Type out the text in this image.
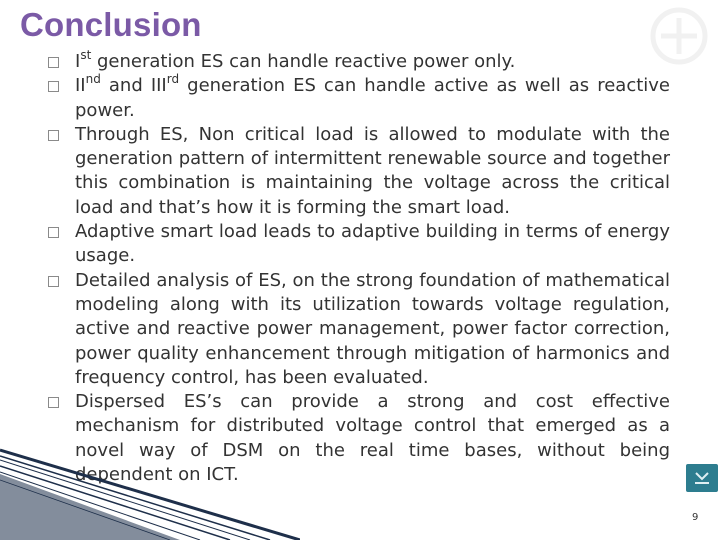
Conclusion
Ist generation ES can handle reactive power only.
IInd and IIIrd generation ES can handle active as well as reactive power.
Through ES, Non critical load is allowed to modulate with the generation pattern of intermittent renewable source and together this combination is maintaining the voltage across the critical load and that’s how it is forming the smart load.
Adaptive smart load leads to adaptive building in terms of energy usage.
Detailed analysis of ES, on the strong foundation of mathematical modeling along with its utilization towards voltage regulation, active and reactive power management, power factor correction, power quality enhancement through mitigation of harmonics and frequency control, has been evaluated.
Dispersed ES’s can provide a strong and cost effective mechanism for distributed voltage control that emerged as a novel way of DSM on the real time bases, without being dependent on ICT.
9
